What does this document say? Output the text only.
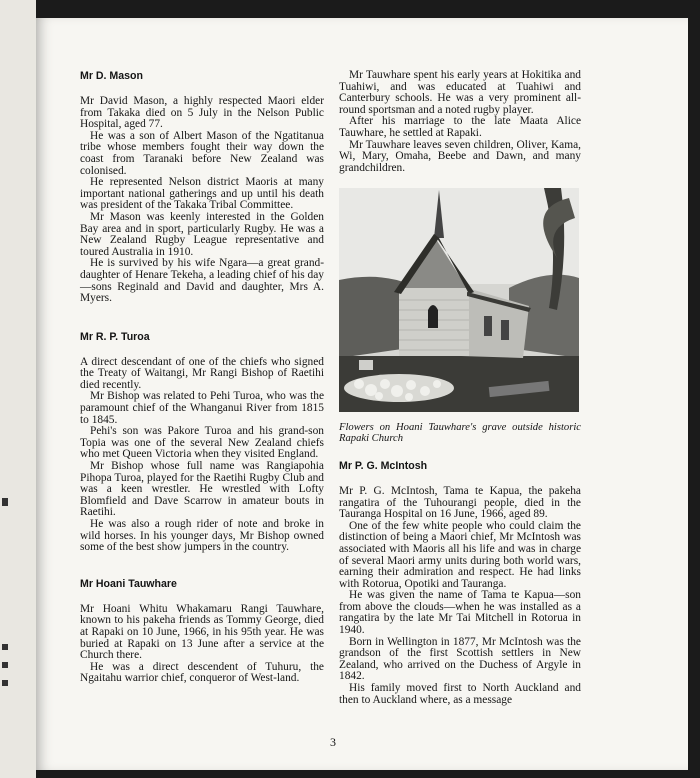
Mr D. Mason

Mr David Mason, a highly respected Maori elder from Takaka died on 5 July in the Nelson Public Hospital, aged 77.

He was a son of Albert Mason of the Ngatitanua tribe whose members fought their way down the coast from Taranaki before New Zealand was colonised.

He represented Nelson district Maoris at many important national gatherings and up until his death was president of the Takaka Tribal Committee.

Mr Mason was keenly interested in the Golden Bay area and in sport, particularly Rugby. He was a New Zealand Rugby League representative and toured Australia in 1910.

He is survived by his wife Ngara—a great grand-daughter of Henare Tekeha, a leading chief of his day—sons Reginald and David and daughter, Mrs A. Myers.

Mr R. P. Turoa

A direct descendant of one of the chiefs who signed the Treaty of Waitangi, Mr Rangi Bishop of Raetihi died recently.

Mr Bishop was related to Pehi Turoa, who was the paramount chief of the Whanganui River from 1815 to 1845.

Pehi's son was Pakore Turoa and his grand-son Topia was one of the several New Zealand chiefs who met Queen Victoria when they visited England.

Mr Bishop whose full name was Rangiapohia Pihopa Turoa, played for the Raetihi Rugby Club and was a keen wrestler. He wrestled with Lofty Blomfield and Dave Scarrow in amateur bouts in Raetihi.

He was also a rough rider of note and broke in wild horses. In his younger days, Mr Bishop owned some of the best show jumpers in the country.

Mr Hoani Tauwhare

Mr Hoani Whitu Whakamaru Rangi Tauwhare, known to his pakeha friends as Tommy George, died at Rapaki on 10 June, 1966, in his 95th year. He was buried at Rapaki on 13 June after a service at the Church there.

He was a direct descendent of Tuhuru, the Ngaitahu warrior chief, conqueror of West-land.

Mr Tauwhare spent his early years at Hokitika and Tuahiwi, and was educated at Tuahiwi and Canterbury schools. He was a very prominent all-round sportsman and a noted rugby player.

After his marriage to the late Maata Alice Tauwhare, he settled at Rapaki.

Mr Tauwhare leaves seven children, Oliver, Kama, Wi, Mary, Omaha, Beebe and Dawn, and many grandchildren.

Flowers on Hoani Tauwhare's grave outside historic Rapaki Church

Mr P. G. McIntosh

Mr P. G. McIntosh, Tama te Kapua, the pakeha rangatira of the Tuhourangi people, died in the Tauranga Hospital on 16 June, 1966, aged 89.

One of the few white people who could claim the distinction of being a Maori chief, Mr McIntosh was associated with Maoris all his life and was in charge of several Maori army units during both world wars, earning their admiration and respect. He had links with Rotorua, Opotiki and Tauranga.

He was given the name of Tama te Kapua—son from above the clouds—when he was installed as a rangatira by the late Mr Tai Mitchell in Rotorua in 1940.

Born in Wellington in 1877, Mr McIntosh was the grandson of the first Scottish settlers in New Zealand, who arrived on the Duchess of Argyle in 1842.

His family moved first to North Auckland and then to Auckland where, as a message

3
